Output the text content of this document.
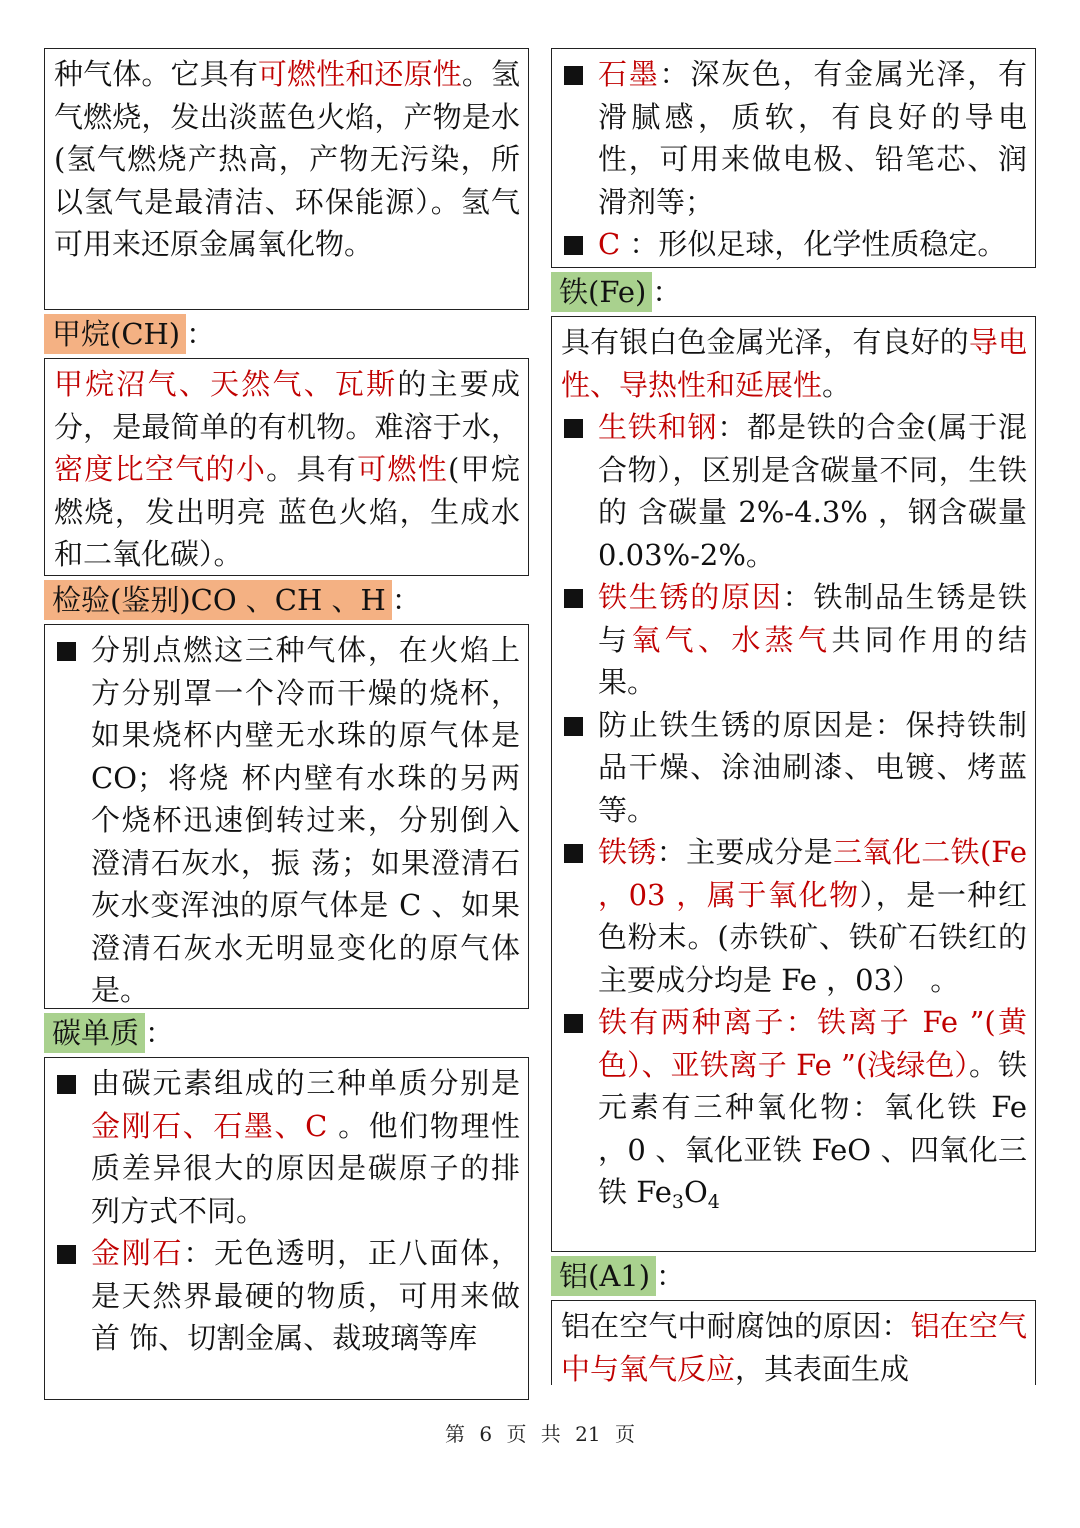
种气体。它具有可燃性和还原性。氢气燃烧，发出淡蓝色火焰，产物是水(氢气燃烧产热高，产物无污染，所以氢气是最清洁、环保能源）。氢气可用来还原金属氧化物。
甲烷(CH) ：
甲烷沼气、天然气、瓦斯的主要成分，是最简单的有机物。难溶于水，密度比空气的小。具有可燃性(甲烷燃烧，发出明亮 蓝色火焰，生成水和二氧化碳）。
检验(鉴别)CO 、CH 、H ：
分别点燃这三种气体，在火焰上方分别罩一个冷而干燥的烧杯，如果烧杯内壁无水珠的原气体是 CO；将烧 杯内壁有水珠的另两个烧杯迅速倒转过来，分别倒入澄清石灰水，振 荡；如果澄清石灰水变浑浊的原气体是 C 、如果澄清石灰水无明显变化的原气体是。
碳单质 ：
由碳元素组成的三种单质分别是金刚石、石墨、C 。他们物理性质差异很大的原因是碳原子的排列方式不同。
金刚石：无色透明，正八面体，是天然界最硬的物质，可用来做首 饰、切割金属、裁玻璃等库
石墨：深灰色，有金属光泽，有滑腻感，质软，有良好的导电性，可用来做电极、铅笔芯、润滑剂等；
C ：形似足球，化学性质稳定。
铁(Fe) ：
具有银白色金属光泽，有良好的导电性、导热性和延展性。
生铁和钢：都是铁的合金(属于混合物），区别是含碳量不同，生铁的 含碳量 2%-4.3% ，钢含碳量 0.03%-2%。
铁生锈的原因：铁制品生锈是铁与氧气、水蒸气共同作用的结果。
防止铁生锈的原因是：保持铁制品干燥、涂油刷漆、电镀、烤蓝等。
铁锈：主要成分是三氧化二铁(Fe ，03 ，属于氧化物），是一种红色粉末。(赤铁矿、铁矿石铁红的主要成分均是 Fe ，03） 。
铁有两种离子：铁离子 Fe ”(黄色）、亚铁离子 Fe ”(浅绿色）。铁元素有三种氧化物：氧化铁 Fe ，0 、氧化亚铁 FeO 、四氧化三铁 $Fe_3O_4$
铝(A1) ：
铝在空气中耐腐蚀的原因：铝在空气中与氧气反应，其表面生成
第 6 页 共 21 页
